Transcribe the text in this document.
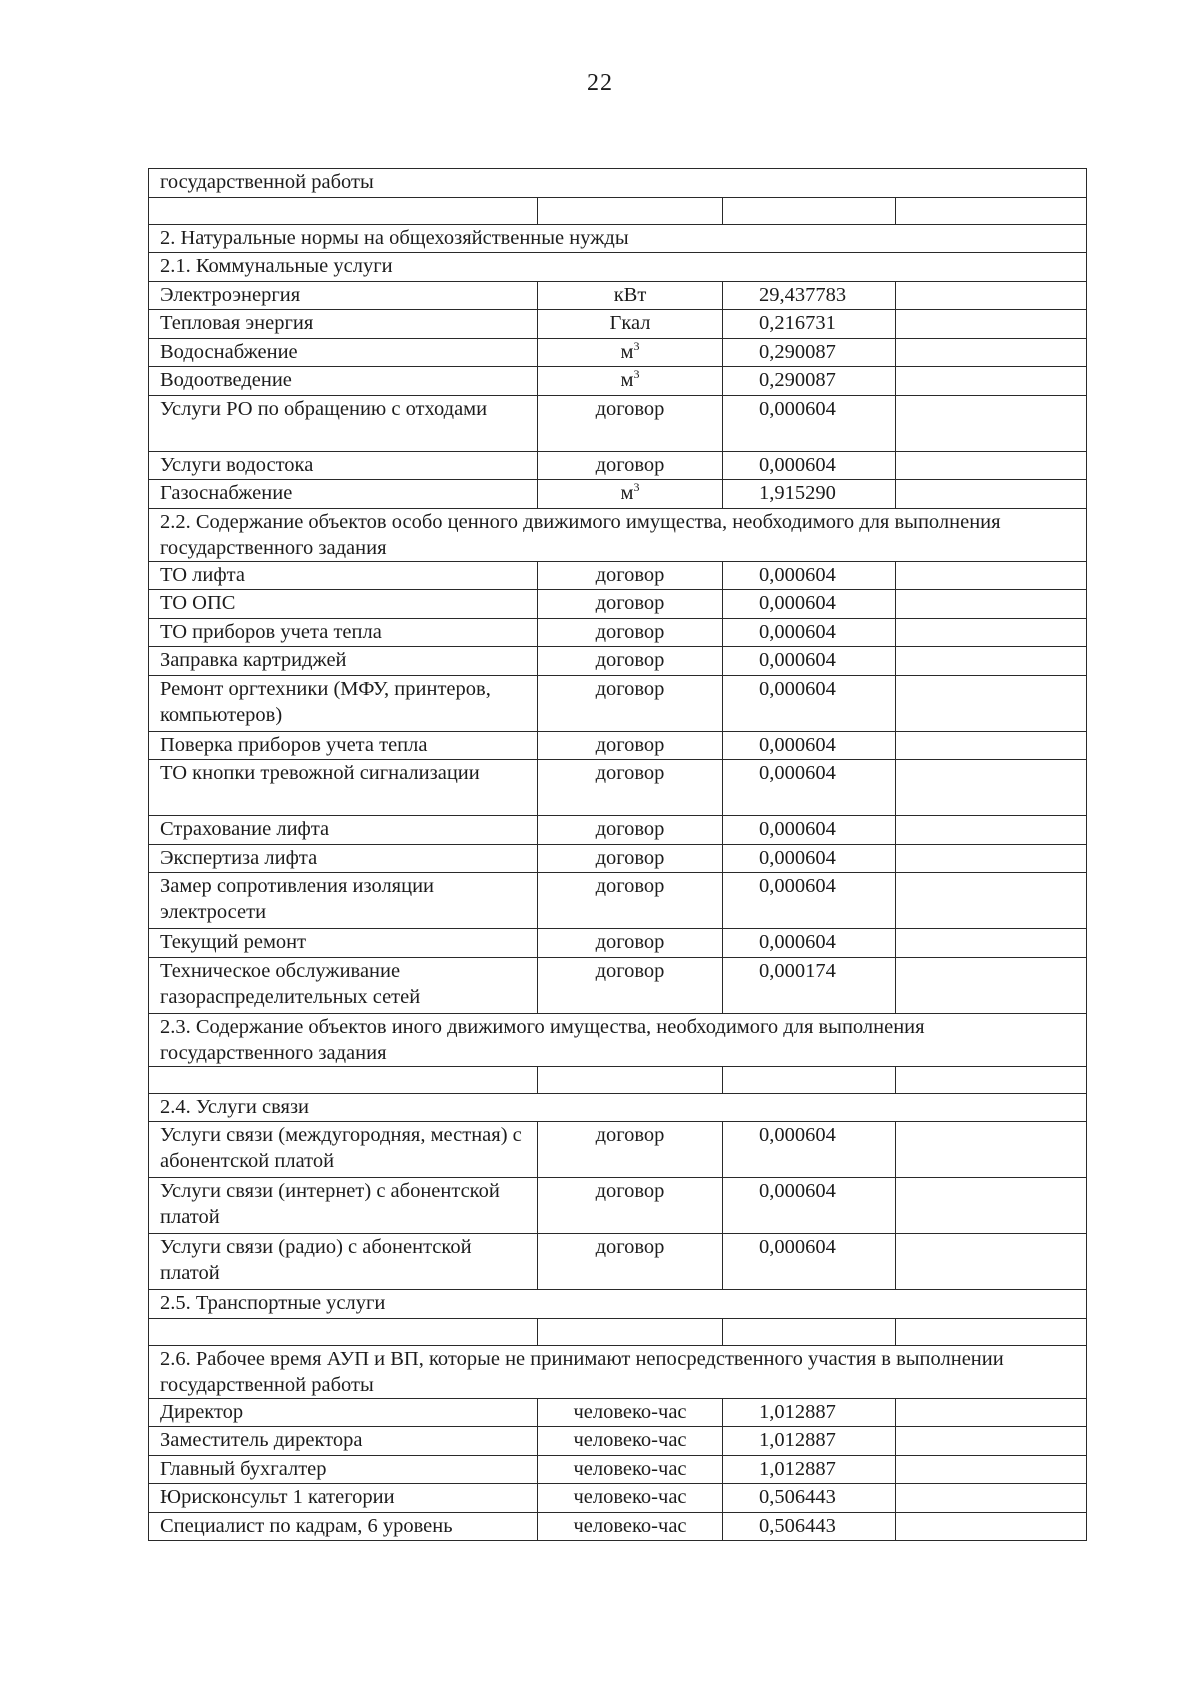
22
государственной работы			

2. Натуральные нормы на общехозяйственные нужды			
2.1. Коммунальные услуги			
Электроэнергия	кВт	29,437783	
Тепловая энергия	Гкал	0,216731	
Водоснабжение	$м^3$	0,290087	
Водоотведение	$м^3$	0,290087	
Услуги РО по обращению с отходами	договор	0,000604	
Услуги водостока	договор	0,000604	
Газоснабжение	$м^3$	1,915290	
2.2. Содержание объектов особо ценного движимого имущества, необходимого для выполнения государственного задания			
ТО лифта	договор	0,000604	
ТО ОПС	договор	0,000604	
ТО приборов учета тепла	договор	0,000604	
Заправка картриджей	договор	0,000604	
Ремонт оргтехники (МФУ, принтеров, компьютеров)	договор	0,000604	
Поверка приборов учета тепла	договор	0,000604	
ТО кнопки тревожной сигнализации	договор	0,000604	
Страхование лифта	договор	0,000604	
Экспертиза лифта	договор	0,000604	
Замер сопротивления изоляции электросети	договор	0,000604	
Текущий ремонт	договор	0,000604	
Техническое обслуживание газораспределительных сетей	договор	0,000174	
2.3. Содержание объектов иного движимого имущества, необходимого для выполнения государственного задания			

2.4. Услуги связи			
Услуги связи (междугородняя, местная) с абонентской платой	договор	0,000604	
Услуги связи (интернет) с абонентской платой	договор	0,000604	
Услуги связи (радио) с абонентской платой	договор	0,000604	
2.5. Транспортные услуги			

2.6. Рабочее время АУП и ВП, которые не принимают непосредственного участия в выполнении государственной работы			
Директор	человеко-час	1,012887	
Заместитель директора	человеко-час	1,012887	
Главный бухгалтер	человеко-час	1,012887	
Юрисконсульт 1 категории	человеко-час	0,506443	
Специалист по кадрам, 6 уровень	человеко-час	0,506443	
